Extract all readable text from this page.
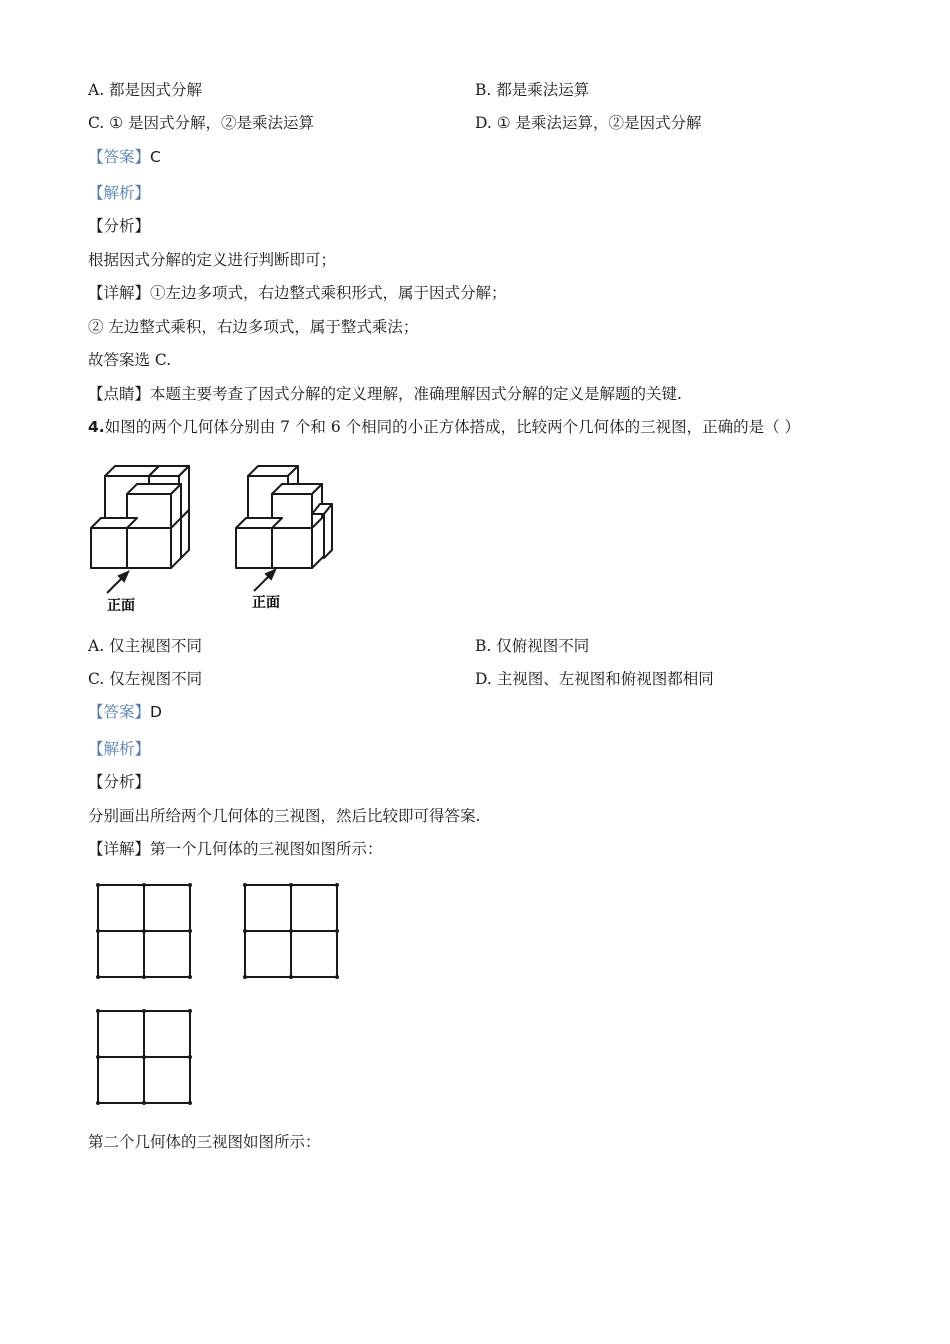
A. 都是因式分解	B. 都是乘法运算
C. ① 是因式分解，②是乘法运算	D. ① 是乘法运算，②是因式分解
【答案】C
【解析】
【分析】
根据因式分解的定义进行判断即可；
【详解】①左边多项式，右边整式乘积形式，属于因式分解；
② 左边整式乘积，右边多项式，属于整式乘法；
故答案选 C.
【点睛】本题主要考查了因式分解的定义理解，准确理解因式分解的定义是解题的关键.
4.如图的两个几何体分别由 7 个和 6 个相同的小正方体搭成，比较两个几何体的三视图，正确的是（ ）
正面	正面
A. 仅主视图不同	B. 仅俯视图不同
C. 仅左视图不同	D. 主视图、左视图和俯视图都相同
【答案】D
【解析】
【分析】
分别画出所给两个几何体的三视图，然后比较即可得答案.
【详解】第一个几何体的三视图如图所示：
第二个几何体的三视图如图所示：
